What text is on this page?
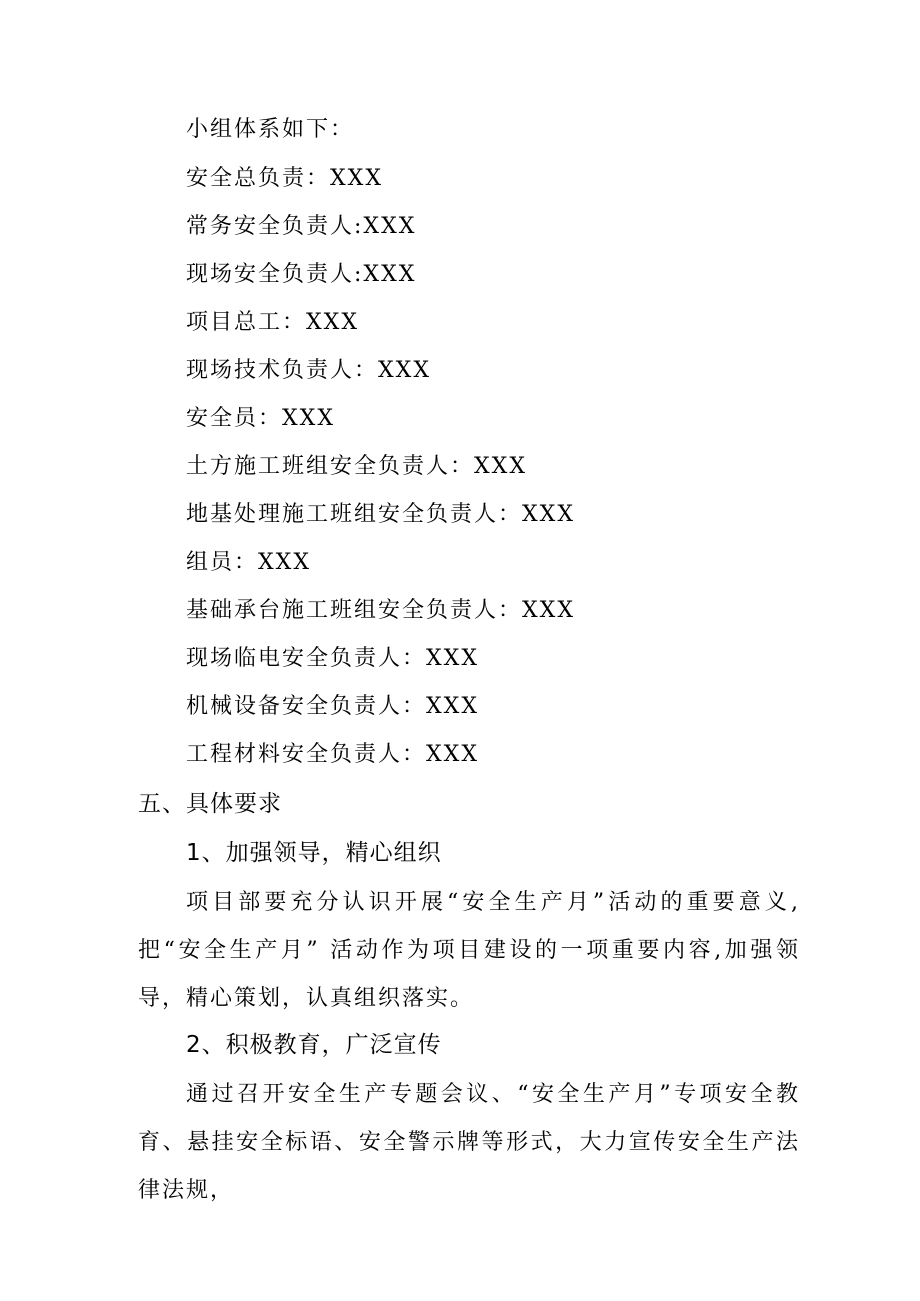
小组体系如下：
安全总负责：XXX
常务安全负责人:XXX
现场安全负责人:XXX
项目总工：XXX
现场技术负责人：XXX
安全员：XXX
土方施工班组安全负责人：XXX
地基处理施工班组安全负责人：XXX
组员：XXX
基础承台施工班组安全负责人：XXX
现场临电安全负责人：XXX
机械设备安全负责人：XXX
工程材料安全负责人：XXX
五、具体要求
1、加强领导，精心组织
项目部要充分认识开展“安全生产月”活动的重要意义,把“安全生产月” 活动作为项目建设的一项重要内容,加强领导，精心策划，认真组织落实。
2、积极教育，广泛宣传
通过召开安全生产专题会议、“安全生产月”专项安全教育、悬挂安全标语、安全警示牌等形式，大力宣传安全生产法律法规，
